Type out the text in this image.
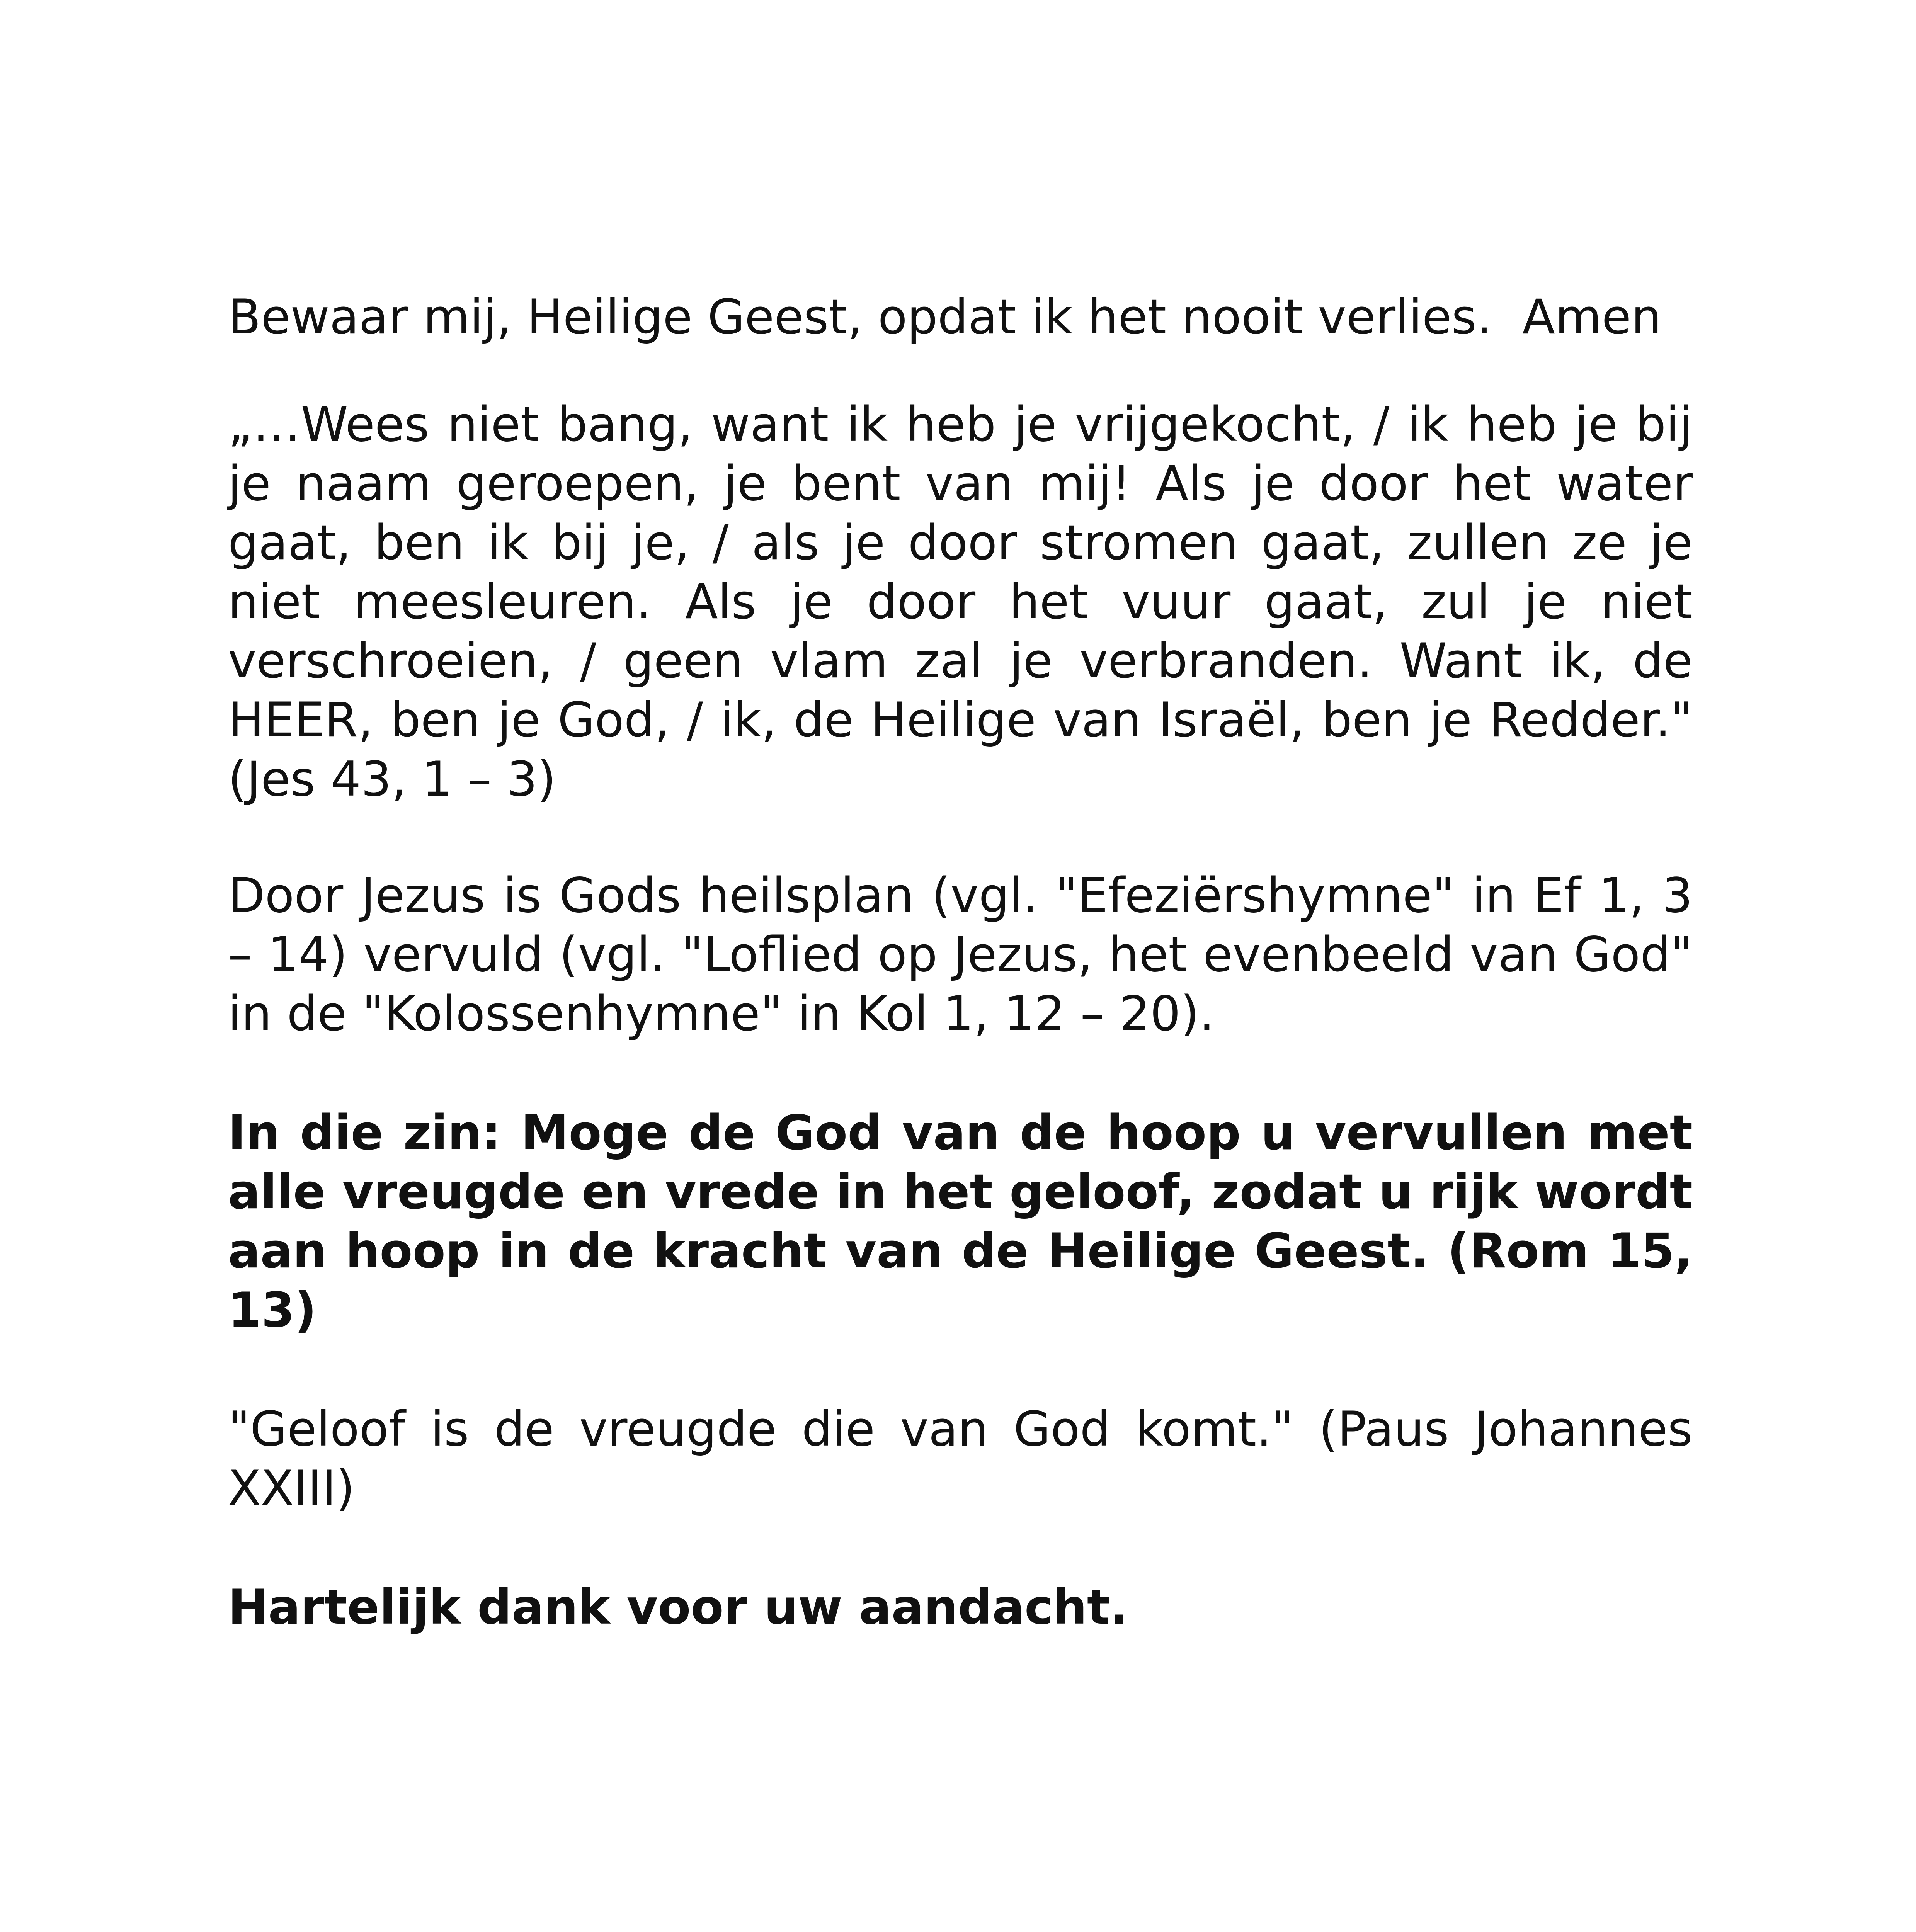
Bewaar mij, Heilige Geest, opdat ik het nooit verlies.  Amen

„…Wees niet bang, want ik heb je vrijgekocht, / ik heb je bij je naam geroepen, je bent van mij! Als je door het water gaat, ben ik bij je, / als je door stromen gaat, zullen ze je niet meesleuren. Als je door het vuur gaat, zul je niet verschroeien, / geen vlam zal je verbranden. Want ik, de HEER, ben je God, / ik, de Heilige van Israël, ben je Redder." (Jes 43, 1 – 3)

Door Jezus is Gods heilsplan (vgl. "Efeziërshymne" in Ef 1, 3 – 14) vervuld (vgl. "Loflied op Jezus, het evenbeeld van God" in de "Kolossenhymne" in Kol 1, 12 – 20).

In die zin: Moge de God van de hoop u vervullen met alle vreugde en vrede in het geloof, zodat u rijk wordt aan hoop in de kracht van de Heilige Geest. (Rom 15, 13)

"Geloof is de vreugde die van God komt." (Paus Johannes XXIII)

Hartelijk dank voor uw aandacht.
